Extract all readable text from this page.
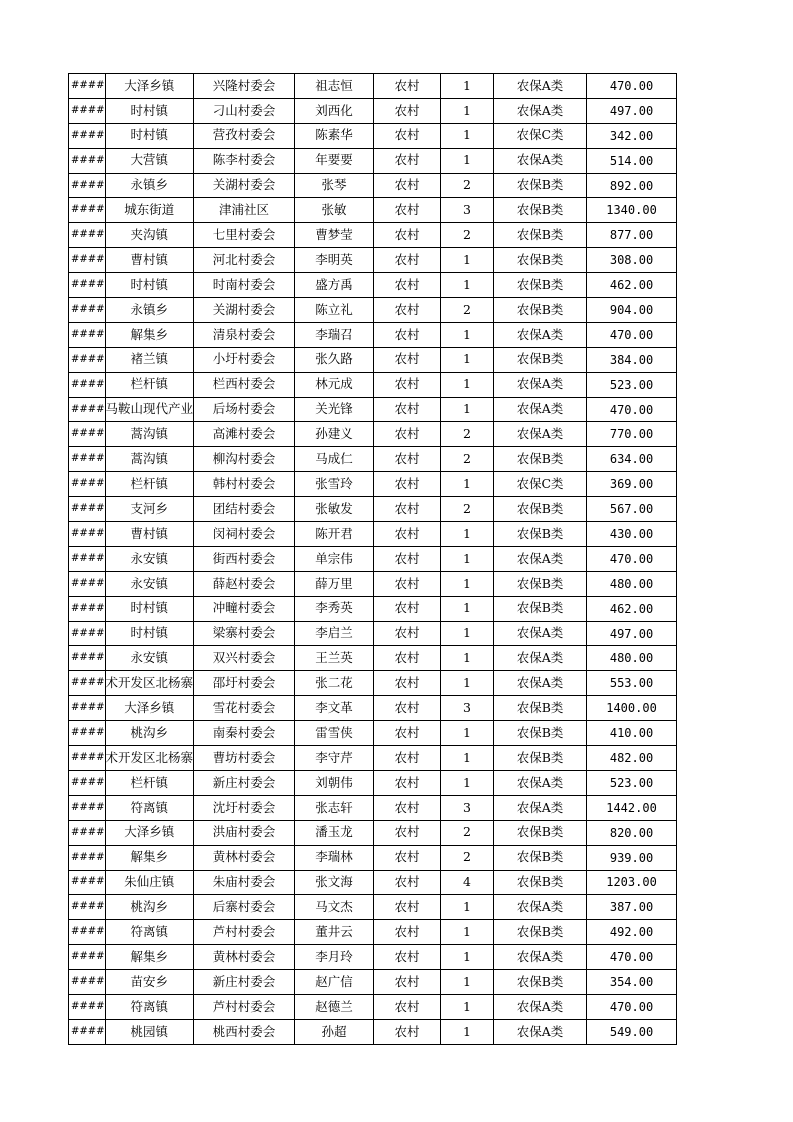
####	大泽乡镇	兴隆村委会	祖志恒	农村	1	农保A类	470.00
####	时村镇	刁山村委会	刘西化	农村	1	农保A类	497.00
####	时村镇	营孜村委会	陈素华	农村	1	农保C类	342.00
####	大营镇	陈李村委会	年要要	农村	1	农保A类	514.00
####	永镇乡	关湖村委会	张琴	农村	2	农保B类	892.00
####	城东街道	津浦社区	张敏	农村	3	农保B类	1340.00
####	夹沟镇	七里村委会	曹梦莹	农村	2	农保B类	877.00
####	曹村镇	河北村委会	李明英	农村	1	农保B类	308.00
####	时村镇	时南村委会	盛方禹	农村	1	农保B类	462.00
####	永镇乡	关湖村委会	陈立礼	农村	2	农保B类	904.00
####	解集乡	清泉村委会	李瑞召	农村	1	农保A类	470.00
####	褚兰镇	小圩村委会	张久路	农村	1	农保B类	384.00
####	栏杆镇	栏西村委会	林元成	农村	1	农保A类	523.00
####	马鞍山现代产业	后场村委会	关光锋	农村	1	农保A类	470.00
####	蒿沟镇	高滩村委会	孙建义	农村	2	农保A类	770.00
####	蒿沟镇	柳沟村委会	马成仁	农村	2	农保B类	634.00
####	栏杆镇	韩村村委会	张雪玲	农村	1	农保C类	369.00
####	支河乡	团结村委会	张敏发	农村	2	农保B类	567.00
####	曹村镇	闵祠村委会	陈开君	农村	1	农保B类	430.00
####	永安镇	街西村委会	单宗伟	农村	1	农保A类	470.00
####	永安镇	薛赵村委会	薛万里	农村	1	农保B类	480.00
####	时村镇	冲疃村委会	李秀英	农村	1	农保B类	462.00
####	时村镇	梁寨村委会	李启兰	农村	1	农保A类	497.00
####	永安镇	双兴村委会	王兰英	农村	1	农保A类	480.00
####	术开发区北杨寨	邵圩村委会	张二花	农村	1	农保A类	553.00
####	大泽乡镇	雪花村委会	李文革	农村	3	农保B类	1400.00
####	桃沟乡	南秦村委会	雷雪侠	农村	1	农保B类	410.00
####	术开发区北杨寨	曹坊村委会	李守芹	农村	1	农保B类	482.00
####	栏杆镇	新庄村委会	刘朝伟	农村	1	农保A类	523.00
####	符离镇	沈圩村委会	张志轩	农村	3	农保A类	1442.00
####	大泽乡镇	洪庙村委会	潘玉龙	农村	2	农保B类	820.00
####	解集乡	黄林村委会	李瑞林	农村	2	农保B类	939.00
####	朱仙庄镇	朱庙村委会	张文海	农村	4	农保B类	1203.00
####	桃沟乡	后寨村委会	马文杰	农村	1	农保A类	387.00
####	符离镇	芦村村委会	董井云	农村	1	农保B类	492.00
####	解集乡	黄林村委会	李月玲	农村	1	农保A类	470.00
####	苗安乡	新庄村委会	赵广信	农村	1	农保B类	354.00
####	符离镇	芦村村委会	赵德兰	农村	1	农保A类	470.00
####	桃园镇	桃西村委会	孙超	农村	1	农保A类	549.00
